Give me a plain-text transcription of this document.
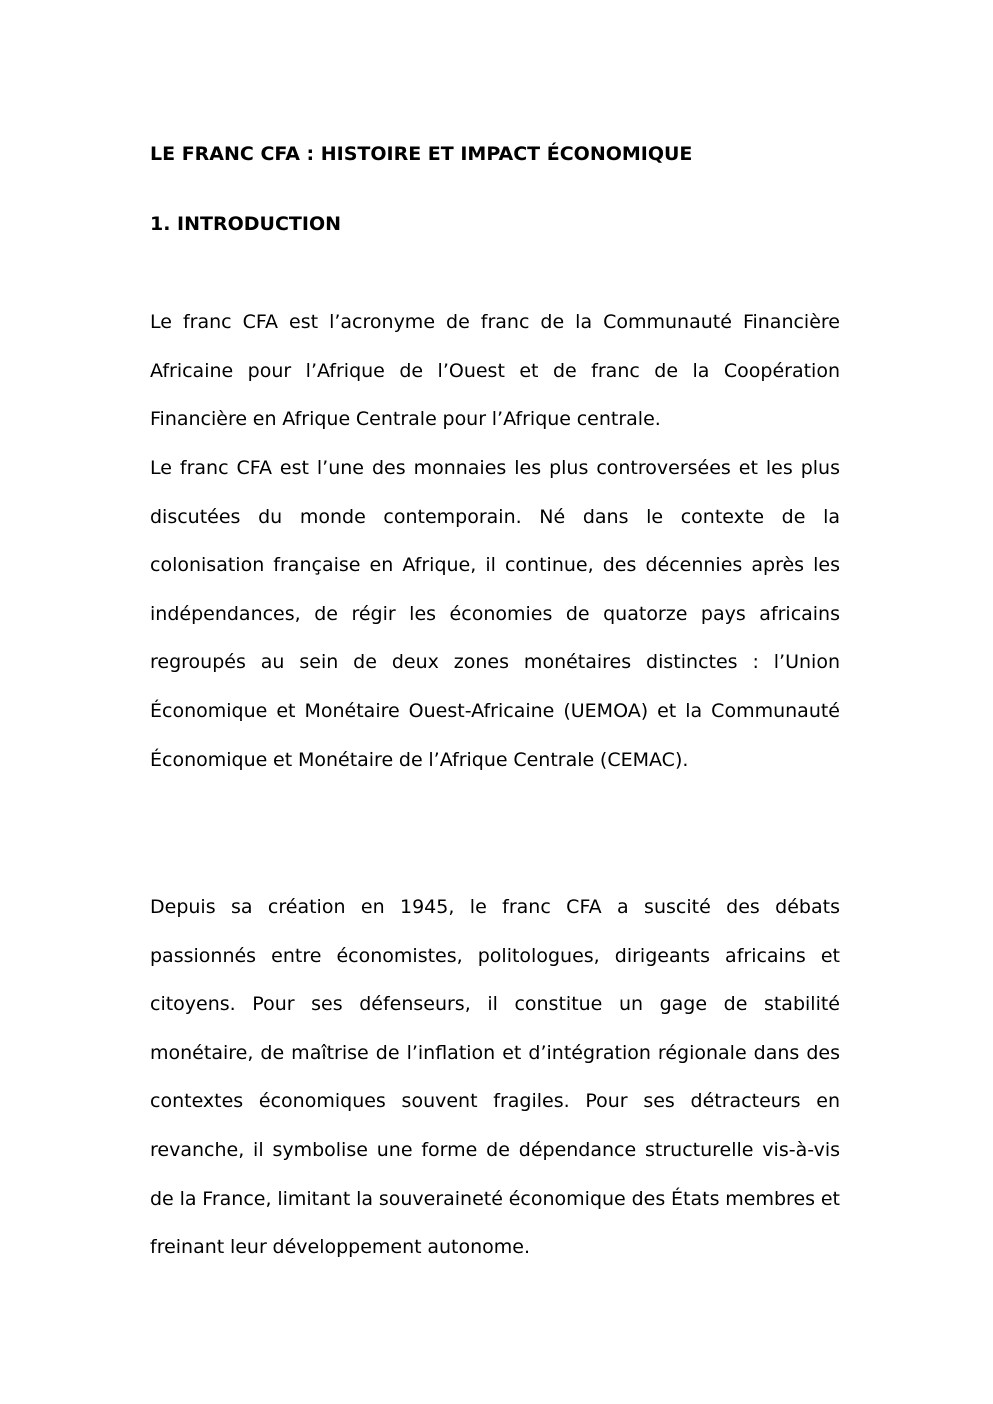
LE FRANC CFA : HISTOIRE ET IMPACT ÉCONOMIQUE
1. INTRODUCTION

Le franc CFA est l’acronyme de franc de la Communauté Financière Africaine pour l’Afrique de l’Ouest et de franc de la Coopération Financière en Afrique Centrale pour l’Afrique centrale.

Le franc CFA est l’une des monnaies les plus controversées et les plus discutées du monde contemporain. Né dans le contexte de la colonisation française en Afrique, il continue, des décennies après les indépendances, de régir les économies de quatorze pays africains regroupés au sein de deux zones monétaires distinctes : l’Union Économique et Monétaire Ouest-Africaine (UEMOA) et la Communauté Économique et Monétaire de l’Afrique Centrale (CEMAC).

Depuis sa création en 1945, le franc CFA a suscité des débats passionnés entre économistes, politologues, dirigeants africains et citoyens. Pour ses défenseurs, il constitue un gage de stabilité monétaire, de maîtrise de l’inflation et d’intégration régionale dans des contextes économiques souvent fragiles. Pour ses détracteurs en revanche, il symbolise une forme de dépendance structurelle vis-à-vis de la France, limitant la souveraineté économique des États membres et freinant leur développement autonome.
